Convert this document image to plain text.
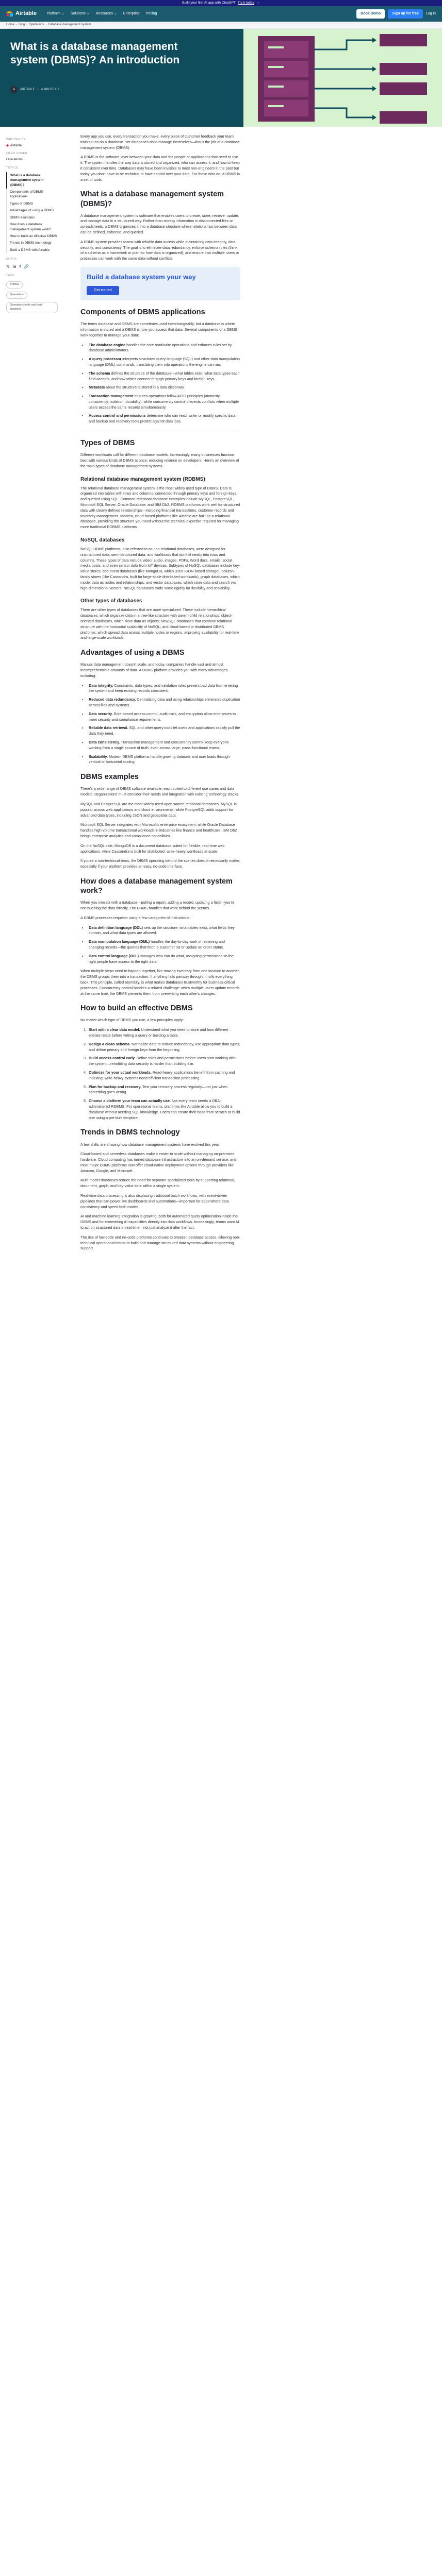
Build your first AI app with ChatGPT Try it today →
Airtable	Platform ⌄ Solutions ⌄ Resources ⌄ Enterprise Pricing	Book Demo	Sign up for free	Log in
Home › Blog › Operations › Database management system
What is a database management system (DBMS)? An introduction
A	AIRTABLE • 4 MIN READ
WRITTEN BY
◆ Airtable
FILED UNDER
Operations
TOPICS
What is a database management system (DBMS)?
Components of DBMS applications
Types of DBMS
Advantages of using a DBMS
DBMS examples
How does a database management system work?
How to build an effective DBMS
Trends in DBMS technology
Build a DBMS with Airtable
SHARE
𝕏 in f 🔗
TAGS
Articles
Operations
Operations tools and best practices

Every app you use, every transaction you make, every piece of customer feedback your team tracks runs on a database. Yet databases don't manage themselves—that's the job of a database management system (DBMS).

A DBMS is the software layer between your data and the people or applications that need to use it. The system handles the way data is stored and organized, who can access it, and how to keep it consistent over time. Databases may have been invisible to most non-engineers in the past but today you don't have to be technical to have control over your data. For those who do, a DBMS is a set of tools.

What is a database management system (DBMS)?

A database management system is software that enables users to create, store, retrieve, update, and manage data in a structured way. Rather than storing information in disconnected files or spreadsheets, a DBMS organizes it into a database structure where relationships between data can be defined, enforced, and queried.

A DBMS system provides teams with reliable data access while maintaining data integrity, data security, and consistency. The goal is to eliminate data redundancy, enforce schema rules (think of a schema as a framework or plan for how data is organized), and ensure that multiple users or processes can work with the same data without conflicts.

Build a database system your way
Get started
Components of DBMS applications

The terms database and DBMS are sometimes used interchangeably, but a database is where information is stored and a DBMS is how you access that data. Several components of a DBMS work together to manage your data:

• The database engine handles the core read/write operations and enforces rules set by database administrators.
• A query processor interprets structured query language (SQL) and other data manipulation language (DML) commands, translating them into operations the engine can run.
• The schema defines the structure of the database—what tables exist, what data types each field accepts, and how tables connect through primary keys and foreign keys.
• Metadata about the structure is stored in a data dictionary.
• Transaction management ensures operations follow ACID principles (atomicity, consistency, isolation, durability), while concurrency control prevents conflicts when multiple users access the same records simultaneously.
• Access control and permissions determine who can read, write, or modify specific data—and backup and recovery tools protect against data loss.
Types of DBMS

Different workloads call for different database models. Increasingly, many businesses function best with various kinds of DBMS at once, reducing reliance on developers. Here's an overview of the main types of database management systems.

Relational database management system (RDBMS)

The relational database management system is the most widely used type of DBMS. Data is organized into tables with rows and columns, connected through primary keys and foreign keys, and queried using SQL. Common relational database examples include MySQL, PostgreSQL, Microsoft SQL Server, Oracle Database, and IBM Db2. RDBMS platforms work well for structured data with clearly defined relationships—including financial transactions, customer records and inventory management. Modern, cloud-based platforms like Airtable are built on a relational database, providing the structure you need without the technical expertise required for managing more traditional RDBMS platforms.

NoSQL databases

NoSQL DBMS platforms, also referred to as non-relational databases, were designed for unstructured data, semi-structured data, and workloads that don't fit neatly into rows and columns. These types of data include video, audio, images, PDFs, Word docs, emails, social media posts, and even sensor data from IoT devices. Subtypes of NoSQL databases include key-value stores, document databases (like MongoDB, which uses JSON-based storage), column-family stores (like Cassandra, built for large-scale distributed workloads), graph databases, which model data as nodes and relationships, and vector databases, which store data and search via high-dimensional vectors. NoSQL databases trade some rigidity for flexibility and scalability.

Other types of databases

There are other types of databases that are more specialized. These include hierarchical databases, which organize data in a tree-like structure with parent-child relationships; object-oriented databases, which store data as objects; NewSQL databases that combine relational structure with the horizontal scalability of NoSQL; and cloud-based or distributed DBMS platforms, which spread data across multiple nodes or regions, improving availability for real-time and large-scale workloads.

Advantages of using a DBMS

Manual data management doesn't scale, and today, companies handle vast and almost incomprehensible amounts of data. A DBMS platform provides you with many advantages, including:

• Data integrity. Constraints, data types, and validation rules prevent bad data from entering the system and keep existing records consistent.
• Reduced data redundancy. Centralizing data and using relationships eliminates duplication across files and systems.
• Data security. Role-based access control, audit trails, and encryption allow enterprises to meet security and compliance requirements.
• Reliable data retrieval. SQL and other query tools let users and applications rapidly pull the data they need.
• Data consistency. Transaction management and concurrency control keep everyone working from a single source of truth, even across large, cross-functional teams.
• Scalability. Modern DBMS platforms handle growing datasets and user loads through vertical or horizontal scaling.
DBMS examples

There's a wide range of DBMS software available, each suited to different use cases and data models. Organizations must consider their needs and integration with existing technology stacks.

MySQL and PostgreSQL are the most widely used open source relational databases. MySQL is popular across web applications and cloud environments, while PostgreSQL adds support for advanced data types, including JSON and geospatial data.

Microsoft SQL Server integrates with Microsoft's enterprise ecosystem, while Oracle Database handles high-volume transactional workloads in industries like finance and healthcare. IBM Db2 brings enterprise analytics and compliance capabilities.

On the NoSQL side, MongoDB is a document database suited for flexible, real-time web applications, while Cassandra is built for distributed, write-heavy workloads at scale.

If you're a non-technical team, the DBMS operating behind the scenes doesn't necessarily matter, especially if your platform provides an easy, no-code interface.

How does a database management system work?

When you interact with a database—pulling a report, adding a record, updating a field—you're not touching the data directly. The DBMS handles that work behind the scenes.

A DBMS processes requests using a few categories of instructions:

• Data definition language (DDL) sets up the structure: what tables exist, what fields they contain, and what data types are allowed.
• Data manipulation language (DML) handles the day-to-day work of retrieving and changing records—the queries that fetch a customer list or update an order status.
• Data control language (DCL) manages who can do what, assigning permissions so the right people have access to the right data.

When multiple steps need to happen together, like moving inventory from one location to another, the DBMS groups them into a transaction. If anything fails partway through, it rolls everything back. This principle, called atomicity, is what makes databases trustworthy for business-critical processes. Concurrency control handles a related challenge: when multiple users update records at the same time, the DBMS prevents them from overwriting each other's changes.

How to build an effective DBMS

No matter which type of DBMS you use, a few principles apply:

1. Start with a clear data model. Understand what you need to store and how different entities relate before writing a query or building a table.
2. Design a clean schema. Normalize data to reduce redundancy, use appropriate data types, and define primary and foreign keys from the beginning.
3. Build access control early. Define roles and permissions before users start working with the system—retrofitting data security is harder than building it in.
4. Optimize for your actual workloads. Read-heavy applications benefit from caching and indexing; write-heavy systems need efficient transaction processing.
5. Plan for backup and recovery. Test your recovery process regularly—not just when something goes wrong.
6. Choose a platform your team can actually use. Not every team needs a DBA-administered RDBMS. For operational teams, platforms like Airtable allow you to build a database without needing SQL knowledge. Users can create their base from scratch or build one using a pre-built template.
Trends in DBMS technology

A few shifts are shaping how database management systems have evolved this year.

Cloud-based and serverless databases make it easier to scale without managing on-premises hardware. Cloud computing has turned database infrastructure into an on-demand service, and most major DBMS platforms now offer cloud-native deployment options through providers like Amazon, Google, and Microsoft.

Multi-model databases reduce the need for separate specialized tools by supporting relational, document, graph, and key-value data within a single system.

Real-time data processing is also displacing traditional batch workflows, with event-driven pipelines that can power live dashboards and automations—important for apps where data consistency and speed both matter.

AI and machine learning integration is growing, both for automated query optimization inside the DBMS and for embedding AI capabilities directly into data workflows. Increasingly, teams want AI to act on structured data in real time—not just analyze it after the fact.

The rise of low-code and no-code platforms continues to broaden database access, allowing non-technical operational teams to build and manage structured data systems without engineering support.
